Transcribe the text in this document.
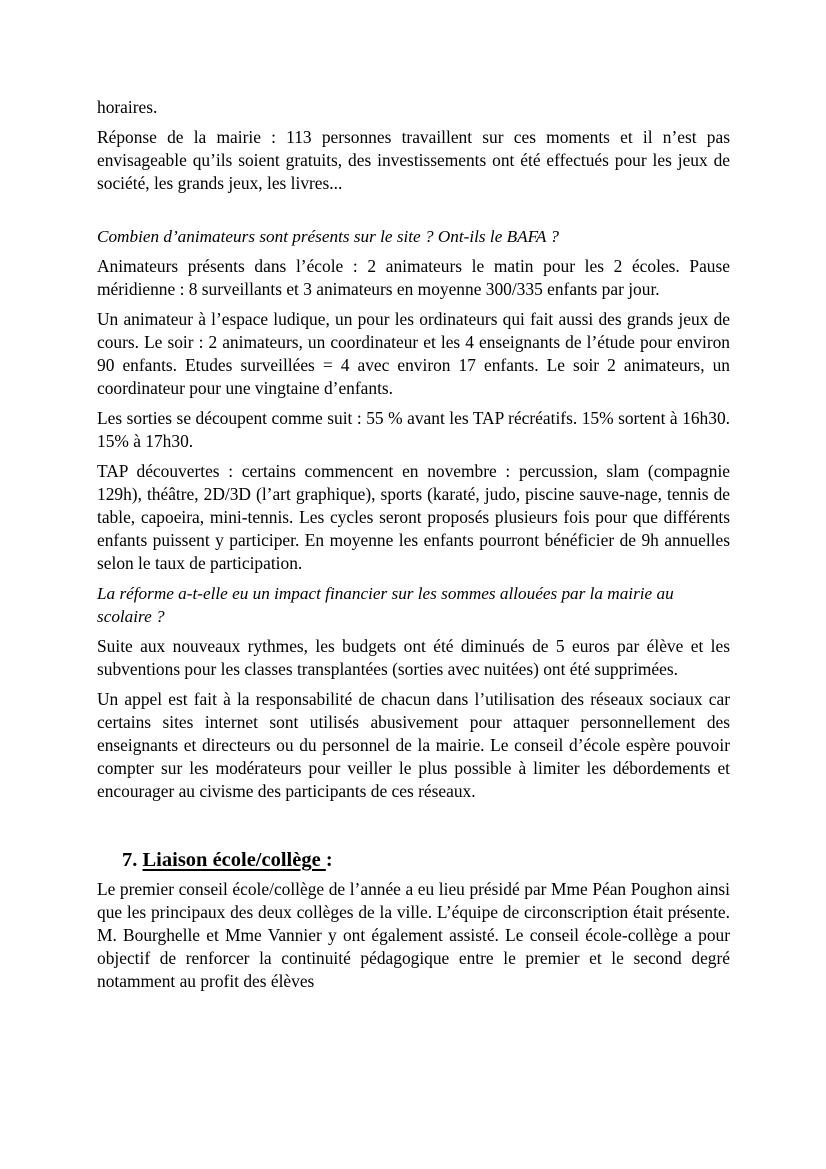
horaires.

Réponse de la mairie : 113 personnes travaillent sur ces moments et il n’est pas envisageable qu’ils soient gratuits, des investissements ont été effectués pour les jeux de société, les grands jeux, les livres...

Combien d’animateurs sont présents sur le site ? Ont-ils le BAFA ?

Animateurs présents dans l’école : 2 animateurs le matin pour les 2 écoles. Pause méridienne : 8 surveillants et 3 animateurs en moyenne 300/335 enfants par jour.

Un animateur à l’espace ludique, un pour les ordinateurs qui fait aussi des grands jeux de cours. Le soir : 2 animateurs, un coordinateur et les 4 enseignants de l’étude pour environ 90 enfants. Etudes surveillées = 4 avec environ 17 enfants. Le soir 2 animateurs, un coordinateur pour une vingtaine d’enfants.

Les sorties se découpent comme suit : 55 % avant les TAP récréatifs. 15% sortent à 16h30. 15% à 17h30.

TAP découvertes : certains commencent en novembre : percussion, slam (compagnie 129h), théâtre, 2D/3D (l’art graphique), sports (karaté, judo, piscine sauve-nage, tennis de table, capoeira, mini-tennis. Les cycles seront proposés plusieurs fois pour que différents enfants puissent y participer. En moyenne les enfants pourront bénéficier de 9h annuelles selon le taux de participation.

La réforme a-t-elle eu un impact financier sur les sommes allouées par la mairie au scolaire ?

Suite aux nouveaux rythmes, les budgets ont été diminués de 5 euros par élève et les subventions pour les classes transplantées (sorties avec nuitées) ont été supprimées.

Un appel est fait à la responsabilité de chacun dans l’utilisation des réseaux sociaux car certains sites internet sont utilisés abusivement pour attaquer personnellement des enseignants et directeurs ou du personnel de la mairie. Le conseil d’école espère pouvoir compter sur les modérateurs pour veiller le plus possible à limiter les débordements et encourager au civisme des participants de ces réseaux.

7. Liaison école/collège :

Le premier conseil école/collège de l’année a eu lieu présidé par Mme Péan Poughon ainsi que les principaux des deux collèges de la ville. L’équipe de circonscription était présente. M. Bourghelle et Mme Vannier y ont également assisté. Le conseil école-collège a pour objectif de renforcer la continuité pédagogique entre le premier et le second degré notamment au profit des élèves
